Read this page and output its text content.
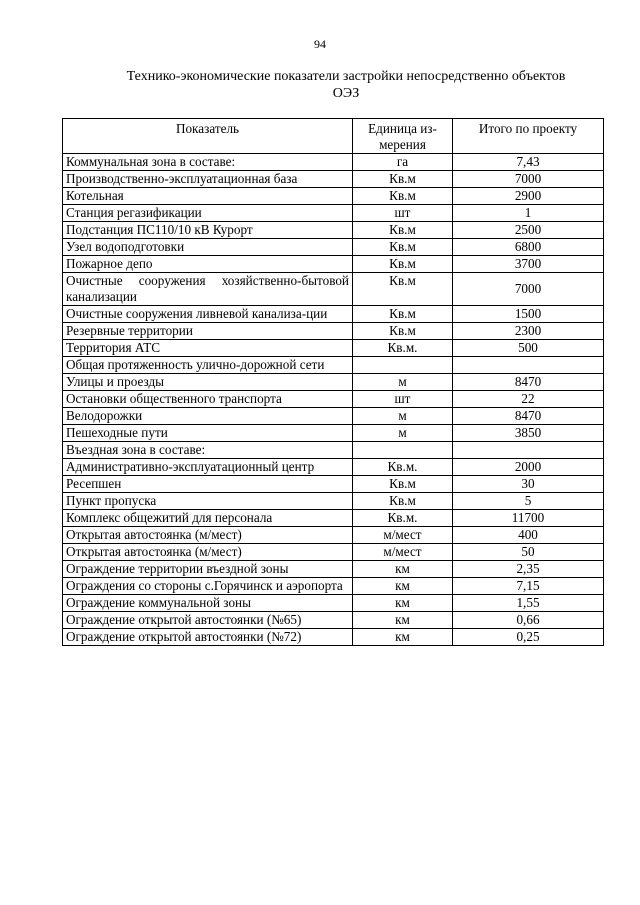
94
Технико-экономические показатели застройки непосредственно объектов
ОЭЗ
Показатель	Единица из-мерения	Итого по проекту
Коммунальная зона в составе:	га	7,43
Производственно-эксплуатационная база	Кв.м	7000
Котельная	Кв.м	2900
Станция регазификации	шт	1
Подстанция ПС110/10 кВ Курорт	Кв.м	2500
Узел водоподготовки	Кв.м	6800
Пожарное депо	Кв.м	3700
Очистные сооружения хозяйственно-бытовой канализации	Кв.м	7000
Очистные сооружения ливневой канализа-ции	Кв.м	1500
Резервные территории	Кв.м	2300
Территория АТС	Кв.м.	500
Общая протяженность улично-дорожной сети		
Улицы и проезды	м	8470
Остановки общественного транспорта	шт	22
Велодорожки	м	8470
Пешеходные пути	м	3850
Въездная зона в составе:		
Административно-эксплуатационный центр	Кв.м.	2000
Ресепшен	Кв.м	30
Пункт пропуска	Кв.м	5
Комплекс общежитий для персонала	Кв.м.	11700
Открытая автостоянка (м/мест)	м/мест	400
Открытая автостоянка (м/мест)	м/мест	50
Ограждение территории въездной зоны	км	2,35
Ограждения со стороны с.Горячинск и аэропорта	км	7,15
Ограждение коммунальной зоны	км	1,55
Ограждение открытой автостоянки (№65)	км	0,66
Ограждение открытой автостоянки (№72)	км	0,25
